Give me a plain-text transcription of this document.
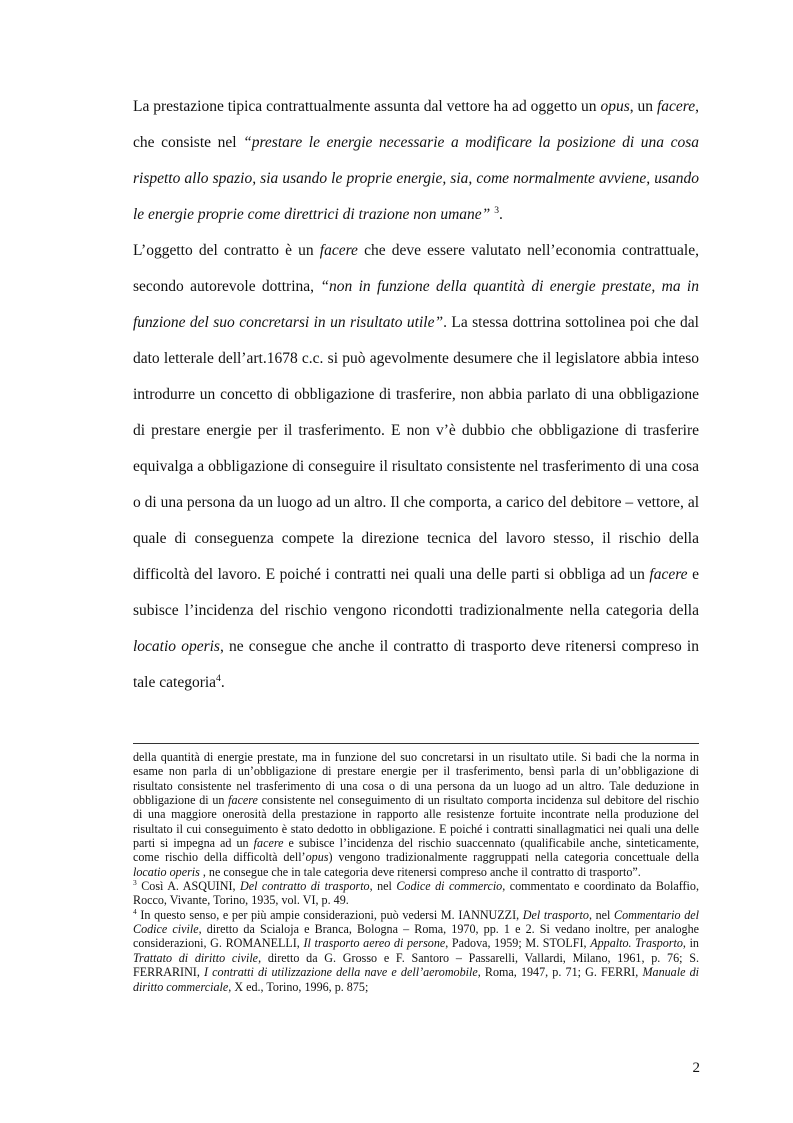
La prestazione tipica contrattualmente assunta dal vettore ha ad oggetto un opus, un facere, che consiste nel “prestare le energie necessarie a modificare la posizione di una cosa rispetto allo spazio, sia usando le proprie energie, sia, come normalmente avviene, usando le energie proprie come direttrici di trazione non umane” $^3$.

L’oggetto del contratto è un facere che deve essere valutato nell’economia contrattuale, secondo autorevole dottrina, “non in funzione della quantità di energie prestate, ma in funzione del suo concretarsi in un risultato utile”. La stessa dottrina sottolinea poi che dal dato letterale dell’art.1678 c.c. si può agevolmente desumere che il legislatore abbia inteso introdurre un concetto di obbligazione di trasferire, non abbia parlato di una obbligazione di prestare energie per il trasferimento. E non v’è dubbio che obbligazione di trasferire equivalga a obbligazione di conseguire il risultato consistente nel trasferimento di una cosa o di una persona da un luogo ad un altro. Il che comporta, a carico del debitore – vettore, al quale di conseguenza compete la direzione tecnica del lavoro stesso, il rischio della difficoltà del lavoro. E poiché i contratti nei quali una delle parti si obbliga ad un facere e subisce l’incidenza del rischio vengono ricondotti tradizionalmente nella categoria della locatio operis, ne consegue che anche il contratto di trasporto deve ritenersi compreso in tale categoria$^4$.

della quantità di energie prestate, ma in funzione del suo concretarsi in un risultato utile. Si badi che la norma in esame non parla di un’obbligazione di prestare energie per il trasferimento, bensì parla di un’obbligazione di risultato consistente nel trasferimento di una cosa o di una persona da un luogo ad un altro. Tale deduzione in obbligazione di un facere consistente nel conseguimento di un risultato comporta incidenza sul debitore del rischio di una maggiore onerosità della prestazione in rapporto alle resistenze fortuite incontrate nella produzione del risultato il cui conseguimento è stato dedotto in obbligazione. E poiché i contratti sinallagmatici nei quali una delle parti si impegna ad un facere e subisce l’incidenza del rischio suaccennato (qualificabile anche, sinteticamente, come rischio della difficoltà dell’opus) vengono tradizionalmente raggruppati nella categoria concettuale della locatio operis , ne consegue che in tale categoria deve ritenersi compreso anche il contratto di trasporto”.

$^3$ Così A. ASQUINI, Del contratto di trasporto, nel Codice di commercio, commentato e coordinato da Bolaffio, Rocco, Vivante, Torino, 1935, vol. VI, p. 49.

$^4$ In questo senso, e per più ampie considerazioni, può vedersi M. IANNUZZI, Del trasporto, nel Commentario del Codice civile, diretto da Scialoja e Branca, Bologna – Roma, 1970, pp. 1 e 2. Si vedano inoltre, per analoghe considerazioni, G. ROMANELLI, Il trasporto aereo di persone, Padova, 1959; M. STOLFI, Appalto. Trasporto, in Trattato di diritto civile, diretto da G. Grosso e F. Santoro – Passarelli, Vallardi, Milano, 1961, p. 76; S. FERRARINI, I contratti di utilizzazione della nave e dell’aeromobile, Roma, 1947, p. 71; G. FERRI, Manuale di diritto commerciale, X ed., Torino, 1996, p. 875;

2
